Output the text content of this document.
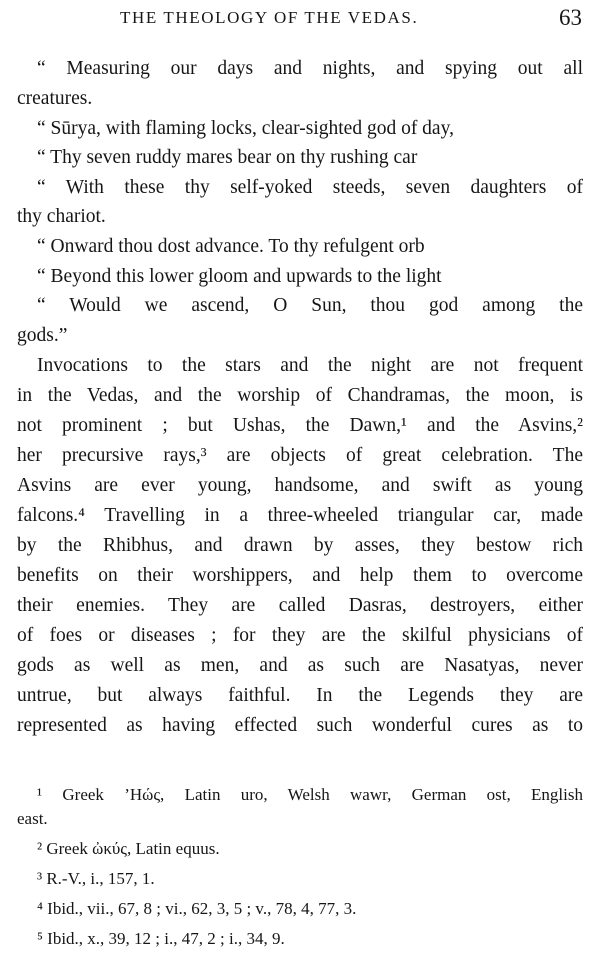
THE THEOLOGY OF THE VEDAS.	63
“ Measuring our days and nights, and spying out all
creatures.
“ Sūrya, with flaming locks, clear-sighted god of day,
“ Thy seven ruddy mares bear on thy rushing car
“ With these thy self-yoked steeds, seven daughters of
thy chariot.
“ Onward thou dost advance. To thy refulgent orb
“ Beyond this lower gloom and upwards to the light
“ Would we ascend, O Sun, thou god among the
gods.”
Invocations to the stars and the night are not frequent
in the Vedas, and the worship of Chandramas, the moon, is
not prominent ; but Ushas, the Dawn,¹ and the Asvins,²
her precursive rays,³ are objects of great celebration. The
Asvins are ever young, handsome, and swift as young
falcons.⁴ Travelling in a three-wheeled triangular car, made
by the Rhibhus, and drawn by asses, they bestow rich
benefits on their worshippers, and help them to overcome
their enemies. They are called Dasras, destroyers, either
of foes or diseases ; for they are the skilful physicians of
gods as well as men, and as such are Nasatyas, never
untrue, but always faithful. In the Legends they are
represented as having effected such wonderful cures as to
¹ Greek ’Ηώς, Latin uro, Welsh wawr, German ost, English
east.
² Greek ὠκύς, Latin equus.
³ R.-V., i., 157, 1.
⁴ Ibid., vii., 67, 8 ; vi., 62, 3, 5 ; v., 78, 4, 77, 3.
⁵ Ibid., x., 39, 12 ; i., 47, 2 ; i., 34, 9.
